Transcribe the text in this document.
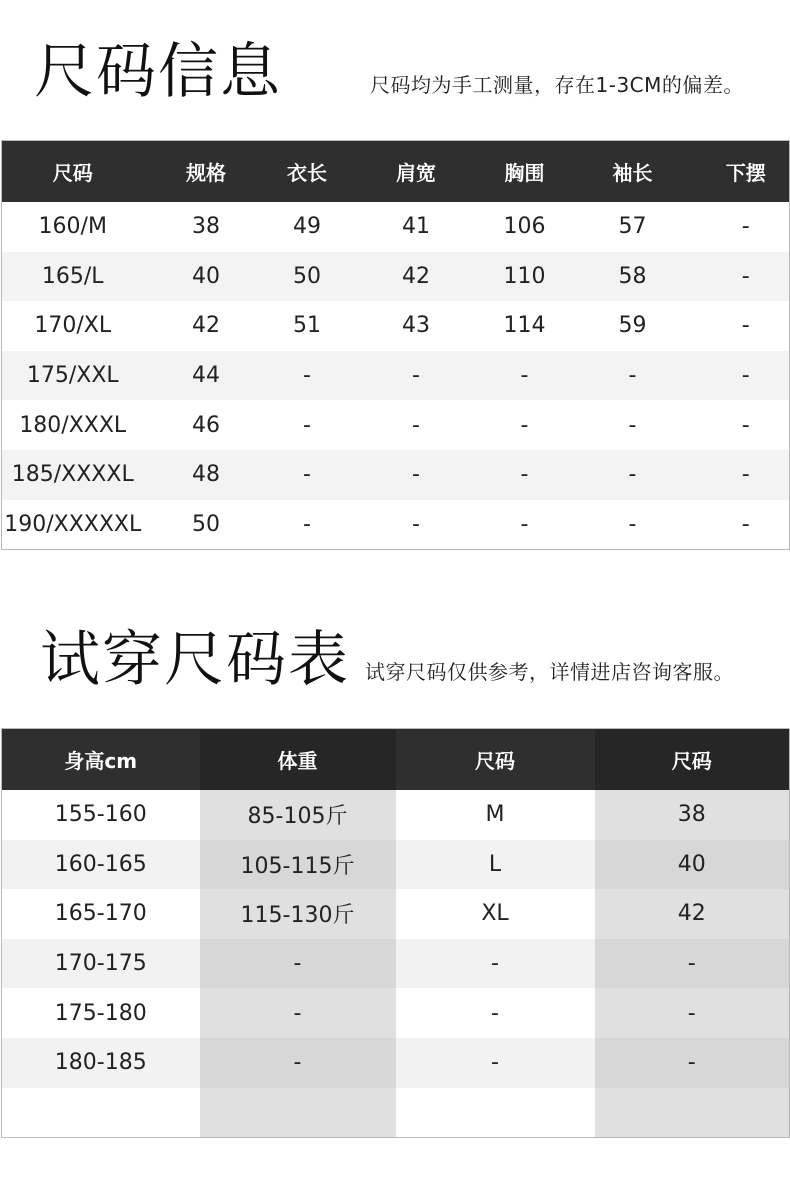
尺码信息	尺码均为手工测量，存在1-3CM的偏差。
尺码	规格	衣长	肩宽	胸围	袖长	下摆
160/M	38	49	41	106	57	-
165/L	40	50	42	110	58	-
170/XL	42	51	43	114	59	-
175/XXL	44	-	-	-	-	-
180/XXXL	46	-	-	-	-	-
185/XXXXL	48	-	-	-	-	-
190/XXXXXL	50	-	-	-	-	-
试穿尺码表 试穿尺码仅供参考，详情进店咨询客服。
身高cm	体重	尺码	尺码
155-160	85-105斤	M	38
160-165	105-115斤	L	40
165-170	115-130斤	XL	42
170-175	-	-	-
175-180	-	-	-
180-185	-	-	-
